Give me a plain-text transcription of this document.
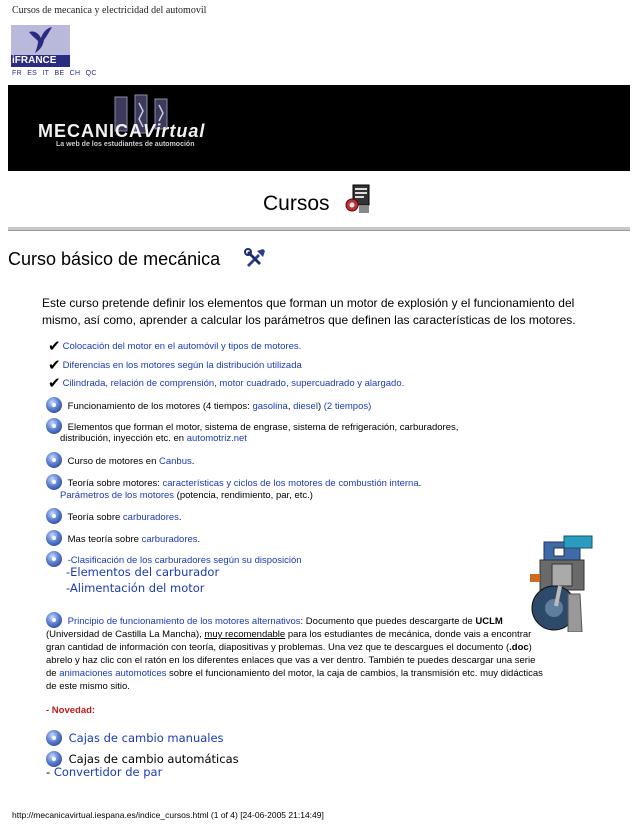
Cursos de mecanica y electricidad del automovil
iFRANCE
FR ES IT BE CH QC
MECANICAVirtual
La web de los estudiantes de automoción
Cursos
Curso básico de mecánica
Este curso pretende definir los elementos que forman un motor de explosión y el funcionamiento del mismo, así como, aprender a calcular los parámetros que definen las características de los motores.
✔ Colocación del motor en el automóvil y tipos de motores.
✔ Diferencias en los motores según la distribución utilizada
✔ Cilindrada, relación de comprensión, motor cuadrado, supercuadrado y alargado.
Funcionamiento de los motores (4 tiempos: gasolina, diesel) (2 tiempos)
Elementos que forman el motor, sistema de engrase, sistema de refrigeración, carburadores,
distribución, inyección etc. en automotriz.net
Curso de motores en Canbus.
Teoría sobre motores: características y ciclos de los motores de combustión interna.
Parámetros de los motores (potencia, rendimiento, par, etc.)
Teoría sobre carburadores.
Mas teoría sobre carburadores.
-Clasificación de los carburadores según su disposición
-Elementos del carburador
-Alimentación del motor
Principio de funcionamiento de los motores alternativos: Documento que puedes descargarte de UCLM (Universidad de Castilla La Mancha), muy recomendable para los estudiantes de mecánica, donde vais a encontrar gran cantidad de información con teoría, diapositivas y problemas. Una vez que te descargues el documento (.doc) abrelo y haz clic con el ratón en los diferentes enlaces que vas a ver dentro. También te puedes descargar una serie de animaciones automotices sobre el funcionamiento del motor, la caja de cambios, la transmisión etc. muy didácticas de este mismo sitio.
- Novedad:
Cajas de cambio manuales
Cajas de cambio automáticas
- Convertidor de par
http://mecanicavirtual.iespana.es/indice_cursos.html (1 of 4) [24-06-2005 21:14:49]
